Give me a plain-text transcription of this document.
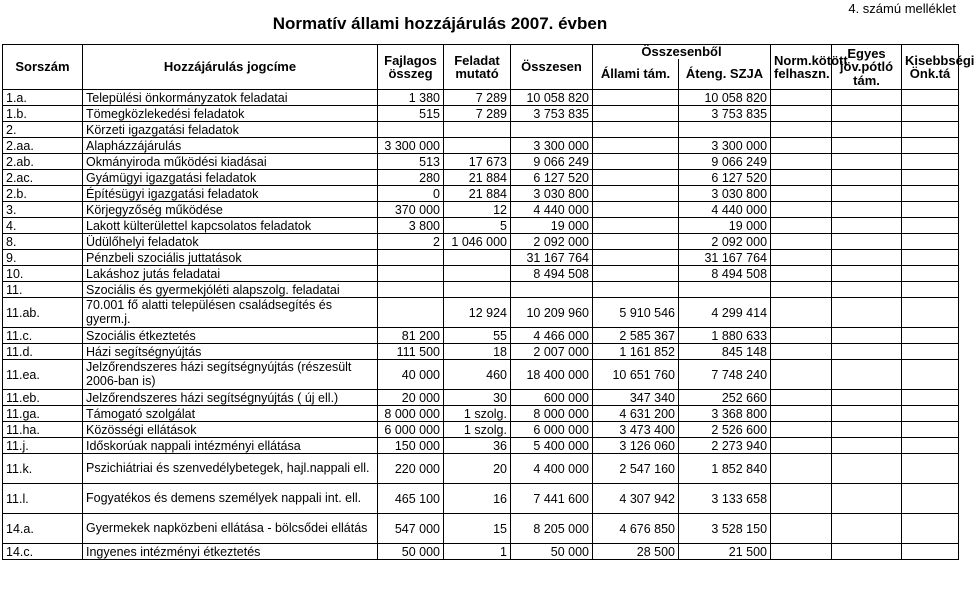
4. számú melléklet
Normatív állami hozzájárulás 2007. évben
Sorszám	Hozzájárulás jogcíme	Fajlagos összeg	Feladat mutató	Összesen	Összesenből		Norm.kötött felhaszn.	Egyes jöv.pótló tám.	Kisebbségi Önk.tá
					Állami tám.	Áteng. SZJA			
1.a.	Települési önkormányzatok feladatai	1 380	7 289	10 058 820		10 058 820			
1.b.	Tömegközlekedési feladatok	515	7 289	3 753 835		3 753 835			
2.	Körzeti igazgatási feladatok								
2.aa.	Alapházzájárulás	3 300 000		3 300 000		3 300 000			
2.ab.	Okmányiroda működési kiadásai	513	17 673	9 066 249		9 066 249			
2.ac.	Gyámügyi igazgatási feladatok	280	21 884	6 127 520		6 127 520			
2.b.	Építésügyi igazgatási feladatok	0	21 884	3 030 800		3 030 800			
3.	Körjegyzőség működése	370 000	12	4 440 000		4 440 000			
4.	Lakott külterülettel kapcsolatos feladatok	3 800	5	19 000		19 000			
8.	Üdülőhelyi feladatok	2	1 046 000	2 092 000		2 092 000			
9.	Pénzbeli szociális juttatások			31 167 764		31 167 764			
10.	Lakáshoz jutás feladatai			8 494 508		8 494 508			
11.	Szociális és gyermekjóléti alapszolg. feladatai								
11.ab.	70.001 fő alatti településen családsegítés és gyerm.j.		12 924	10 209 960	5 910 546	4 299 414			
11.c.	Szociális étkeztetés	81 200	55	4 466 000	2 585 367	1 880 633			
11.d.	Házi segítségnyújtás	111 500	18	2 007 000	1 161 852	845 148			
11.ea.	Jelzőrendszeres házi segítségnyújtás (részesült 2006-ban is)	40 000	460	18 400 000	10 651 760	7 748 240			
11.eb.	Jelzőrendszeres házi segítségnyújtás ( új ell.)	20 000	30	600 000	347 340	252 660			
11.ga.	Támogató szolgálat	8 000 000	1 szolg.	8 000 000	4 631 200	3 368 800			
11.ha.	Közösségi ellátások	6 000 000	1 szolg.	6 000 000	3 473 400	2 526 600			
11.j.	Időskorúak nappali intézményi ellátása	150 000	36	5 400 000	3 126 060	2 273 940			
11.k.	Pszichiátriai és szenvedélybetegek, hajl.nappali ell.	220 000	20	4 400 000	2 547 160	1 852 840			
11.l.	Fogyatékos és demens személyek nappali int. ell.	465 100	16	7 441 600	4 307 942	3 133 658			
14.a.	Gyermekek napközbeni ellátása - bölcsődei ellátás	547 000	15	8 205 000	4 676 850	3 528 150			
14.c.	Ingyenes intézményi étkeztetés	50 000	1	50 000	28 500	21 500			
